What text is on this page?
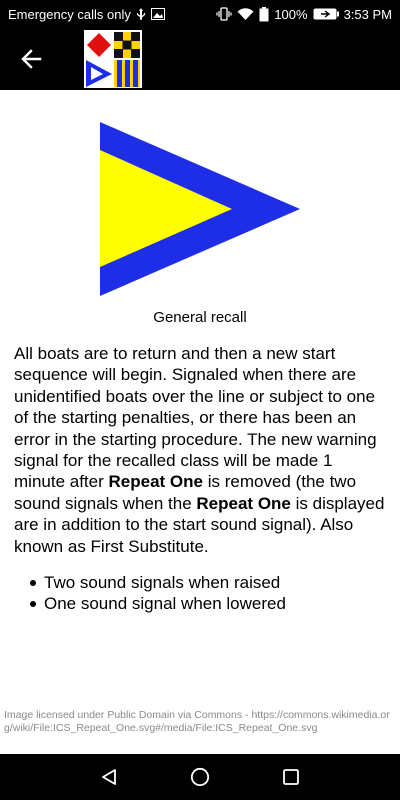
Emergency calls only	100%	3:53 PM
General recall

All boats are to return and then a new start sequence will begin. Signaled when there are unidentified boats over the line or subject to one of the starting penalties, or there has been an error in the starting procedure. The new warning signal for the recalled class will be made 1 minute after Repeat One is removed (the two sound signals when the Repeat One is displayed are in addition to the start sound signal). Also known as First Substitute.

Two sound signals when raised
One sound signal when lowered
Image licensed under Public Domain via Commons - https://commons.wikimedia.org/wiki/File:ICS_Repeat_One.svg#/media/File:ICS_Repeat_One.svg
